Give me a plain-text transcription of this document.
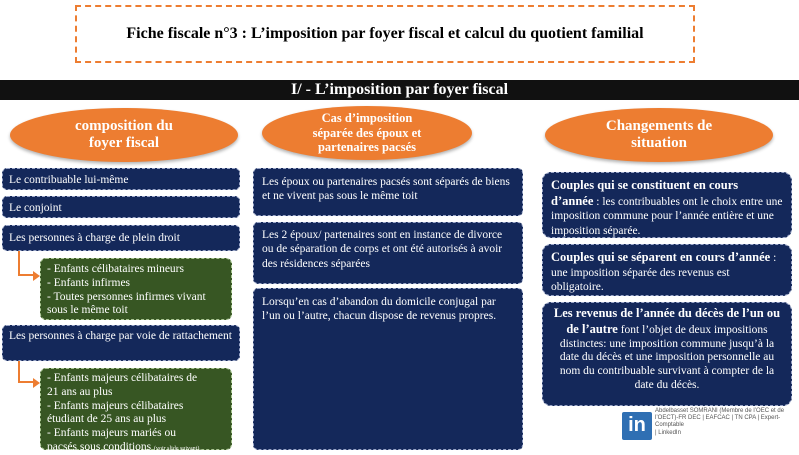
Fiche fiscale n°3 : L’imposition par foyer fiscal et calcul du quotient familial
I/ - L’imposition par foyer fiscal
composition du
foyer fiscal
Cas d’imposition
séparée des époux et
partenaires pacsés
Changements de
situation
Le contribuable lui-même
Le conjoint
Les personnes à charge de plein droit
- Enfants célibataires mineurs
- Enfants infirmes
- Toutes personnes infirmes vivant
sous le même toit
Les personnes à charge par voie de rattachement
- Enfants majeurs célibataires de
21 ans au plus
- Enfants majeurs célibataires
étudiant de 25 ans au plus
- Enfants majeurs mariés ou
pacsés sous conditions (voir slide suivant).
Les époux ou partenaires pacsés sont séparés de biens et ne vivent pas sous le même toit
Les 2 époux/ partenaires sont en instance de divorce ou de séparation de corps et ont été autorisés à avoir des résidences séparées
Lorsqu’en cas d’abandon du domicile conjugal par l’un ou l’autre, chacun dispose de revenus propres.
Couples qui se constituent en cours d’année : les contribuables ont le choix entre une imposition commune pour l’année entière et une imposition séparée.
Couples qui se séparent en cours d’année : une imposition séparée des revenus est obligatoire.
Les revenus de l’année du décès de l’un ou de l’autre font l’objet de deux impositions distinctes: une imposition commune jusqu’à la date du décès et une imposition personnelle au nom du contribuable survivant à compter de la date du décès.
in
Abdelbasset SOMRANI (Membre de l’OEC et de
l’OECT)-FR DEC | EAFCAC | TN CPA | Expert-Comptable
| LinkedIn
